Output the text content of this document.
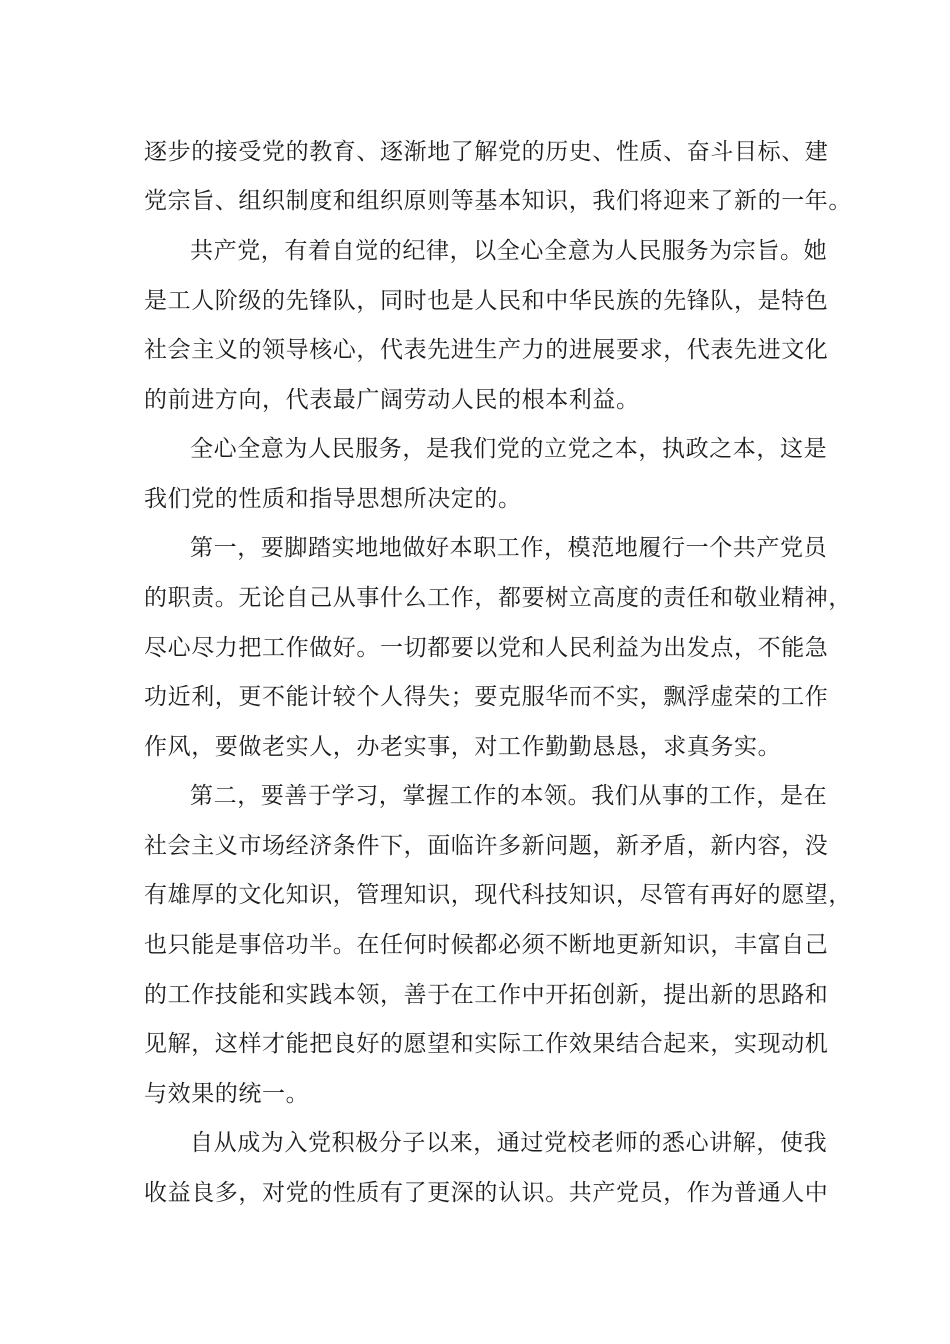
逐步的接受党的教育、逐渐地了解党的历史、性质、奋斗目标、建
党宗旨、组织制度和组织原则等基本知识，我们将迎来了新的一年。
共产党，有着自觉的纪律，以全心全意为人民服务为宗旨。她
是工人阶级的先锋队，同时也是人民和中华民族的先锋队，是特色
社会主义的领导核心，代表先进生产力的进展要求，代表先进文化
的前进方向，代表最广阔劳动人民的根本利益。
全心全意为人民服务，是我们党的立党之本，执政之本，这是
我们党的性质和指导思想所决定的。
第一，要脚踏实地地做好本职工作，模范地履行一个共产党员
的职责。无论自己从事什么工作，都要树立高度的责任和敬业精神，
尽心尽力把工作做好。一切都要以党和人民利益为出发点，不能急
功近利，更不能计较个人得失；要克服华而不实，飘浮虚荣的工作
作风，要做老实人，办老实事，对工作勤勤恳恳，求真务实。
第二，要善于学习，掌握工作的本领。我们从事的工作，是在
社会主义市场经济条件下，面临许多新问题，新矛盾，新内容，没
有雄厚的文化知识，管理知识，现代科技知识，尽管有再好的愿望，
也只能是事倍功半。在任何时候都必须不断地更新知识，丰富自己
的工作技能和实践本领，善于在工作中开拓创新，提出新的思路和
见解，这样才能把良好的愿望和实际工作效果结合起来，实现动机
与效果的统一。
自从成为入党积极分子以来，通过党校老师的悉心讲解，使我
收益良多，对党的性质有了更深的认识。共产党员，作为普通人中
